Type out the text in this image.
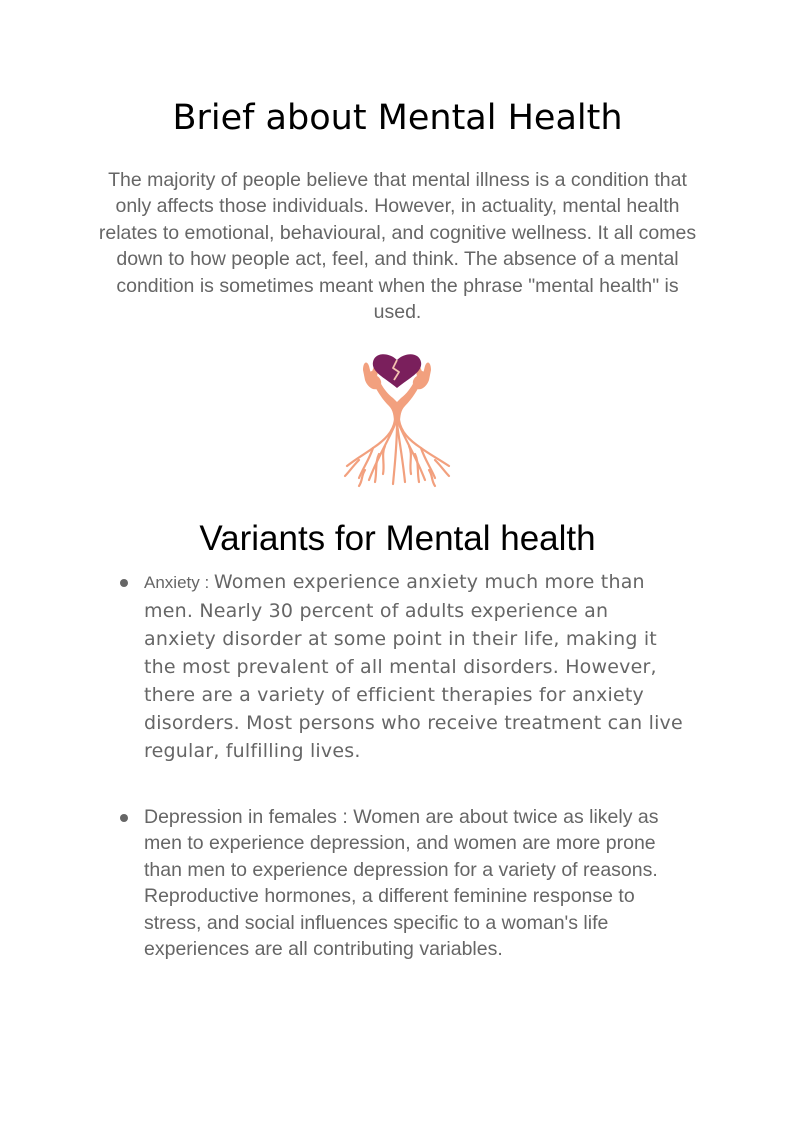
Brief about Mental Health

The majority of people believe that mental illness is a condition that only affects those individuals. However, in actuality, mental health relates to emotional, behavioural, and cognitive wellness. It all comes down to how people act, feel, and think. The absence of a mental condition is sometimes meant when the phrase "mental health" is used.

Variants for Mental health

Anxiety : Women experience anxiety much more than men. Nearly 30 percent of adults experience an anxiety disorder at some point in their life, making it the most prevalent of all mental disorders. However, there are a variety of efficient therapies for anxiety disorders. Most persons who receive treatment can live regular, fulfilling lives.

Depression in females : Women are about twice as likely as men to experience depression, and women are more prone than men to experience depression for a variety of reasons. Reproductive hormones, a different feminine response to stress, and social influences specific to a woman's life experiences are all contributing variables.
